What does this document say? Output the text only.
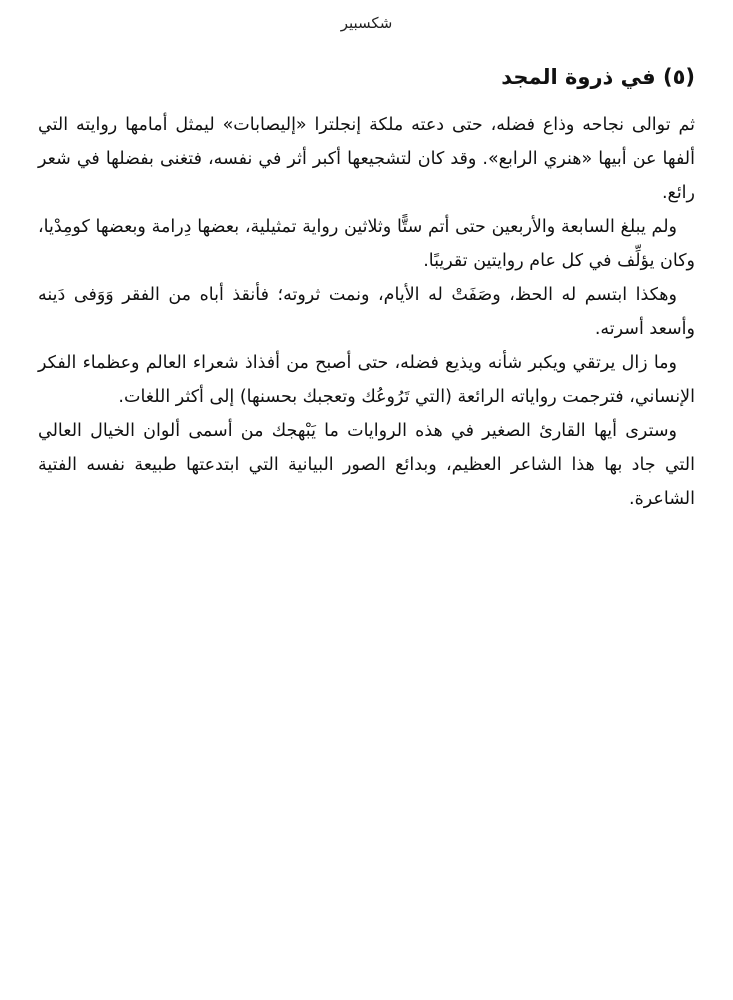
شكسبير
(٥) في ذروة المجد

ثم توالى نجاحه وذاع فضله، حتى دعته ملكة إنجلترا «إليصابات» ليمثل أمامها روايته التي ألفها عن أبيها «هنري الرابع». وقد كان لتشجيعها أكبر أثر في نفسه، فتغنى بفضلها في شعر رائع.

ولم يبلغ السابعة والأربعين حتى أتم ستًّا وثلاثين رواية تمثيلية، بعضها دِرامة وبعضها كومِدْيا، وكان يؤلِّف في كل عام روايتين تقريبًا.

وهكذا ابتسم له الحظ، وصَفَتْ له الأيام، ونمت ثروته؛ فأنقذ أباه من الفقر وَوَفى دَينه وأسعد أسرته.

وما زال يرتقي ويكبر شأنه ويذيع فضله، حتى أصبح من أفذاذ شعراء العالم وعظماء الفكر الإنساني، فترجمت رواياته الرائعة (التي تَرُوعُك وتعجبك بحسنها) إلى أكثر اللغات.

وسترى أيها القارئ الصغير في هذه الروايات ما يَبْهجك من أسمى ألوان الخيال العالي التي جاد بها هذا الشاعر العظيم، وبدائع الصور البيانية التي ابتدعتها طبيعة نفسه الفتية الشاعرة.
